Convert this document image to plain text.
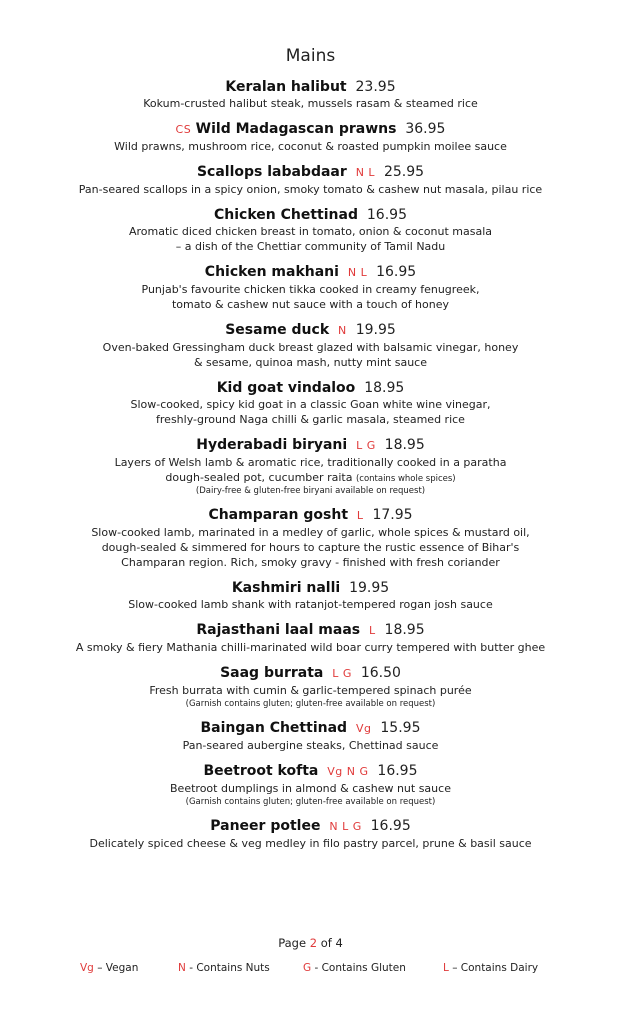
Mains
Keralan halibut 23.95
Kokum-crusted halibut steak, mussels rasam & steamed rice
CS Wild Madagascan prawns 36.95
Wild prawns, mushroom rice, coconut & roasted pumpkin moilee sauce
Scallops lababdaar N L 25.95
Pan-seared scallops in a spicy onion, smoky tomato & cashew nut masala, pilau rice
Chicken Chettinad 16.95
Aromatic diced chicken breast in tomato, onion & coconut masala
– a dish of the Chettiar community of Tamil Nadu
Chicken makhani N L 16.95
Punjab's favourite chicken tikka cooked in creamy fenugreek,
tomato & cashew nut sauce with a touch of honey
Sesame duck N 19.95
Oven-baked Gressingham duck breast glazed with balsamic vinegar, honey
& sesame, quinoa mash, nutty mint sauce
Kid goat vindaloo 18.95
Slow-cooked, spicy kid goat in a classic Goan white wine vinegar,
freshly-ground Naga chilli & garlic masala, steamed rice
Hyderabadi biryani L G 18.95
Layers of Welsh lamb & aromatic rice, traditionally cooked in a paratha
dough-sealed pot, cucumber raita (contains whole spices)
(Dairy-free & gluten-free biryani available on request)
Champaran gosht L 17.95
Slow-cooked lamb, marinated in a medley of garlic, whole spices & mustard oil,
dough-sealed & simmered for hours to capture the rustic essence of Bihar's
Champaran region. Rich, smoky gravy - finished with fresh coriander
Kashmiri nalli 19.95
Slow-cooked lamb shank with ratanjot-tempered rogan josh sauce
Rajasthani laal maas L 18.95
A smoky & fiery Mathania chilli-marinated wild boar curry tempered with butter ghee
Saag burrata L G 16.50
Fresh burrata with cumin & garlic-tempered spinach purée
(Garnish contains gluten; gluten-free available on request)
Baingan Chettinad Vg 15.95
Pan-seared aubergine steaks, Chettinad sauce
Beetroot kofta Vg N G 16.95
Beetroot dumplings in almond & cashew nut sauce
(Garnish contains gluten; gluten-free available on request)
Paneer potlee N L G 16.95
Delicately spiced cheese & veg medley in filo pastry parcel, prune & basil sauce
Page 2 of 4
Vg – Vegan	N - Contains Nuts	G - Contains Gluten	L – Contains Dairy
